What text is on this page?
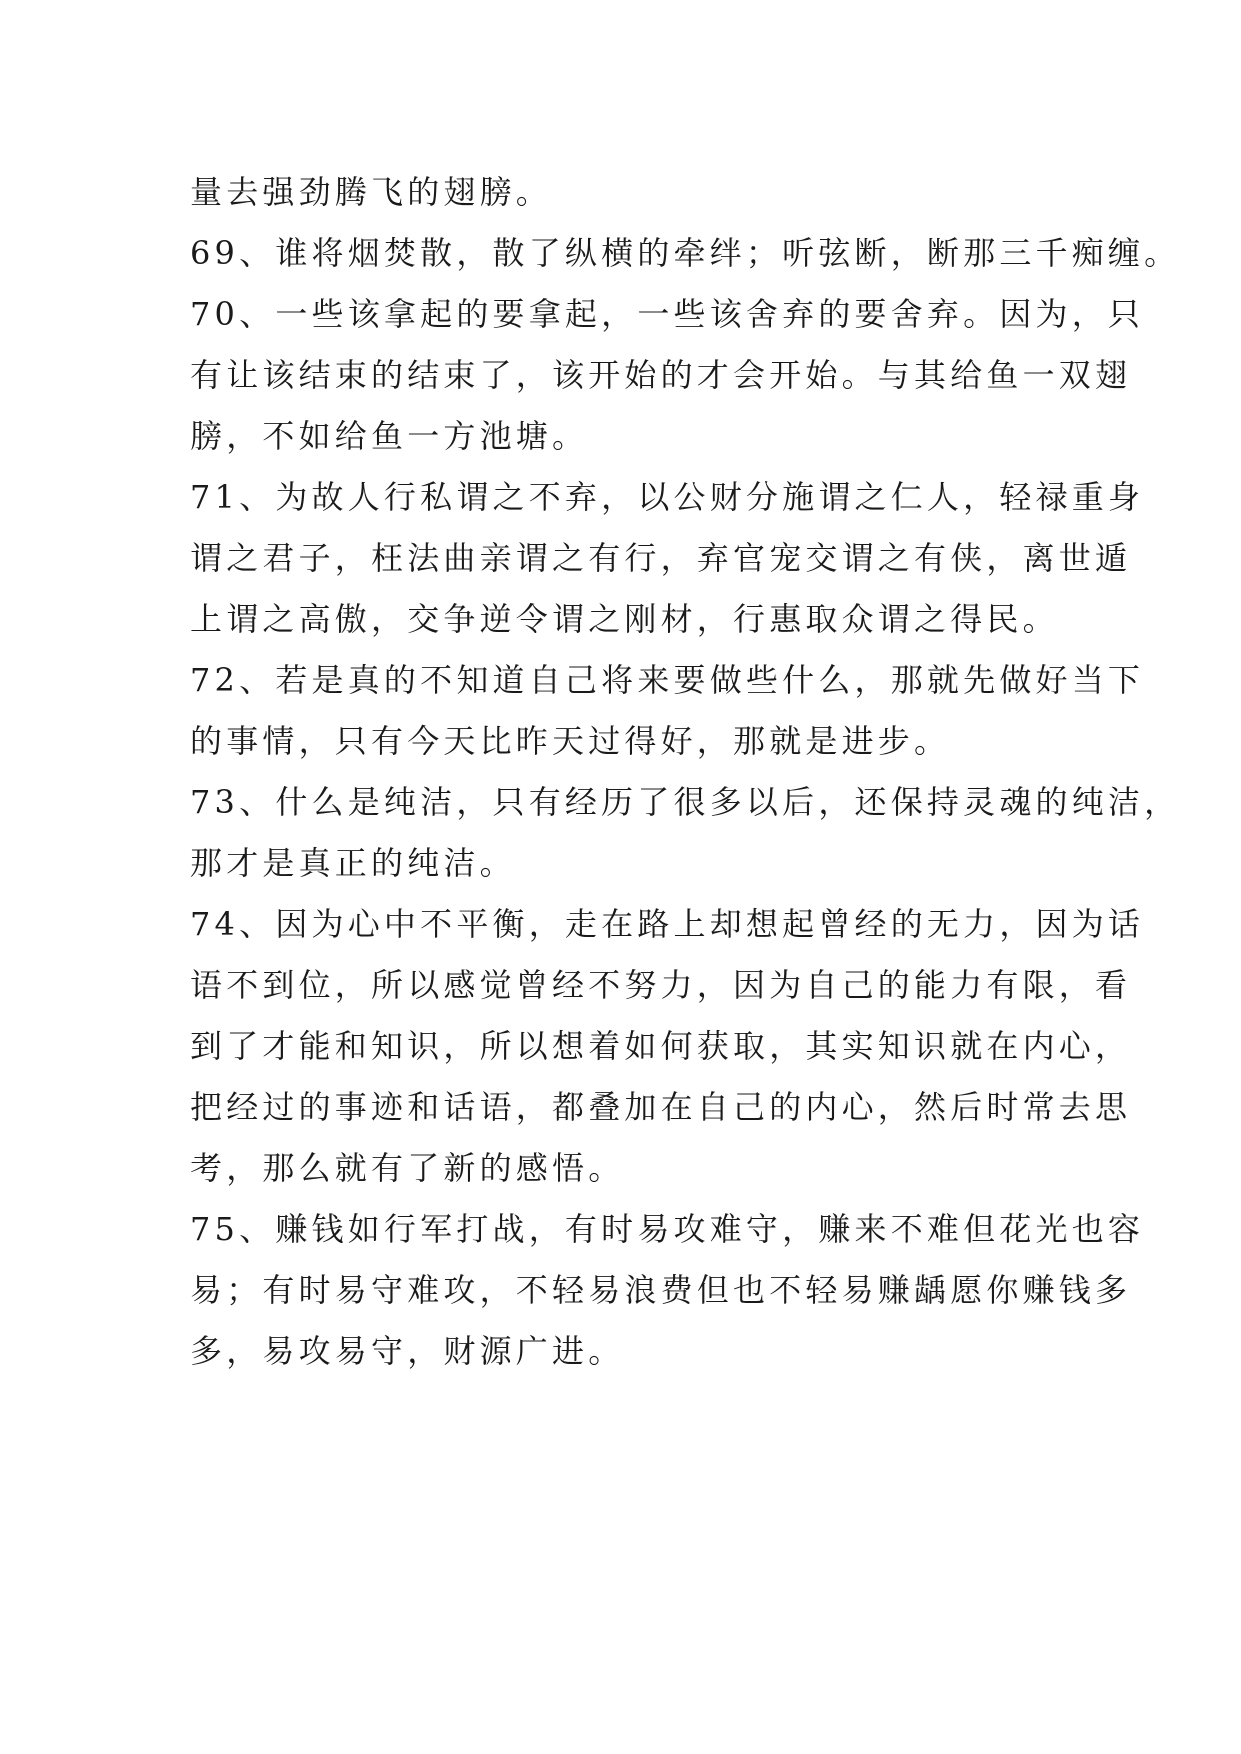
量去强劲腾飞的翅膀。
69、谁将烟焚散，散了纵横的牵绊；听弦断，断那三千痴缠。
70、一些该拿起的要拿起，一些该舍弃的要舍弃。因为，只
有让该结束的结束了，该开始的才会开始。与其给鱼一双翅
膀，不如给鱼一方池塘。
71、为故人行私谓之不弃，以公财分施谓之仁人，轻禄重身
谓之君子，枉法曲亲谓之有行，弃官宠交谓之有侠，离世遁
上谓之高傲，交争逆令谓之刚材，行惠取众谓之得民。
72、若是真的不知道自己将来要做些什么，那就先做好当下
的事情，只有今天比昨天过得好，那就是进步。
73、什么是纯洁，只有经历了很多以后，还保持灵魂的纯洁，
那才是真正的纯洁。
74、因为心中不平衡，走在路上却想起曾经的无力，因为话
语不到位，所以感觉曾经不努力，因为自己的能力有限，看
到了才能和知识，所以想着如何获取，其实知识就在内心，
把经过的事迹和话语，都叠加在自己的内心，然后时常去思
考，那么就有了新的感悟。
75、赚钱如行军打战，有时易攻难守，赚来不难但花光也容
易；有时易守难攻，不轻易浪费但也不轻易赚龋愿你赚钱多
多，易攻易守，财源广进。
